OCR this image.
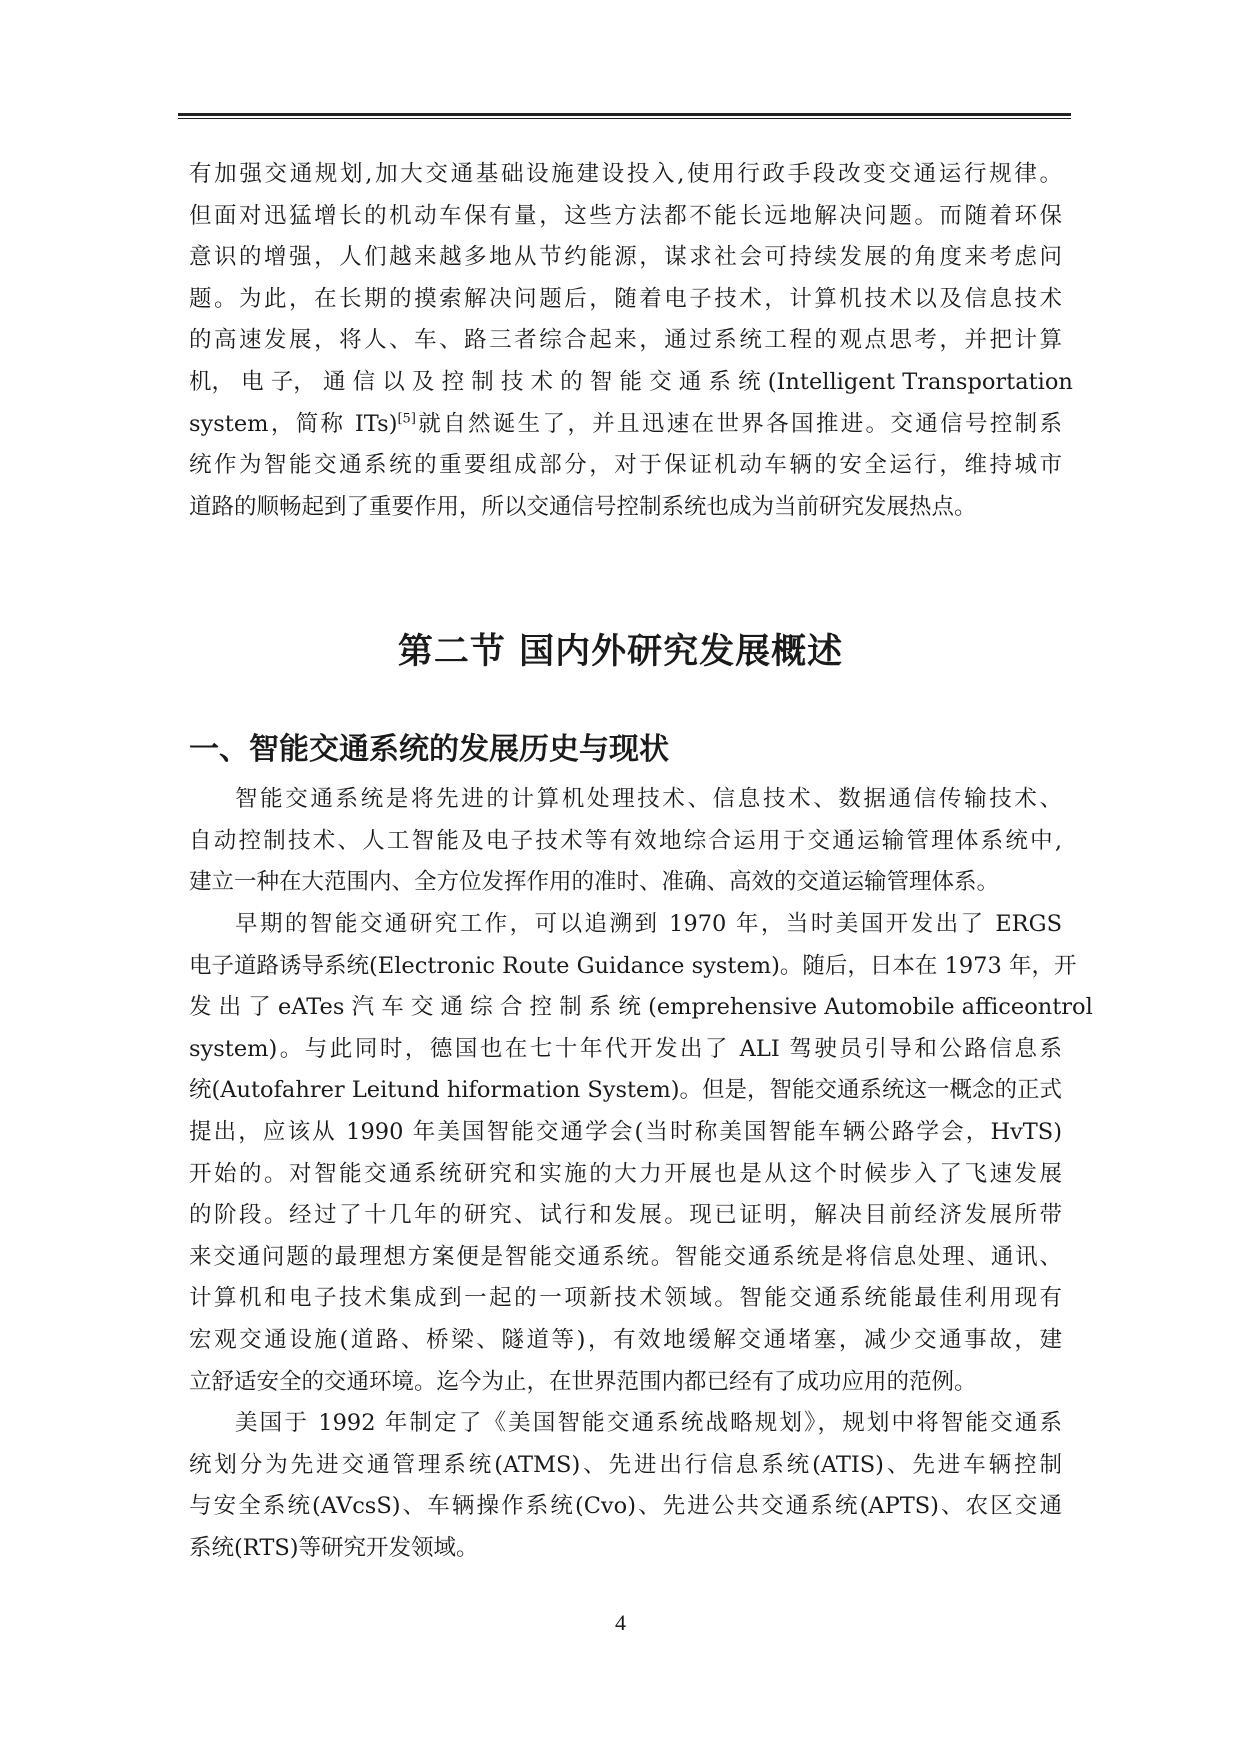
有加强交通规划,加大交通基础设施建设投入,使用行政手段改变交通运行规律。
但面对迅猛增长的机动车保有量，这些方法都不能长远地解决问题。而随着环保
意识的增强，人们越来越多地从节约能源，谋求社会可持续发展的角度来考虑问
题。为此，在长期的摸索解决问题后，随着电子技术，计算机技术以及信息技术
的高速发展，将人、车、路三者综合起来，通过系统工程的观点思考，并把计算
机， 电 子， 通 信 以 及 控 制 技 术 的 智 能 交 通 系 统 (Intelligent Transportation
system，简称 ITs)[5]就自然诞生了，并且迅速在世界各国推进。交通信号控制系
统作为智能交通系统的重要组成部分，对于保证机动车辆的安全运行，维持城市
道路的顺畅起到了重要作用，所以交通信号控制系统也成为当前研究发展热点。
第二节 国内外研究发展概述
一、智能交通系统的发展历史与现状
智能交通系统是将先进的计算机处理技术、信息技术、数据通信传输技术、
自动控制技术、人工智能及电子技术等有效地综合运用于交通运输管理体系统中,
建立一种在大范围内、全方位发挥作用的准时、准确、高效的交道运输管理体系。
早期的智能交通研究工作，可以追溯到 1970 年，当时美国开发出了 ERGS
电子道路诱导系统(Electronic Route Guidance system)。随后，日本在 1973 年，开
发 出 了 eATes 汽 车 交 通 综 合 控 制 系 统 (emprehensive Automobile afficeontrol
system)。与此同时，德国也在七十年代开发出了 ALI 驾驶员引导和公路信息系
统(Autofahrer Leitund hiformation System)。但是，智能交通系统这一概念的正式
提出，应该从 1990 年美国智能交通学会(当时称美国智能车辆公路学会，HvTS)
开始的。对智能交通系统研究和实施的大力开展也是从这个时候步入了飞速发展
的阶段。经过了十几年的研究、试行和发展。现已证明，解决目前经济发展所带
来交通问题的最理想方案便是智能交通系统。智能交通系统是将信息处理、通讯、
计算机和电子技术集成到一起的一项新技术领域。智能交通系统能最佳利用现有
宏观交通设施(道路、桥梁、隧道等)，有效地缓解交通堵塞，减少交通事故，建
立舒适安全的交通环境。迄今为止，在世界范围内都已经有了成功应用的范例。
美国于 1992 年制定了《美国智能交通系统战略规划》，规划中将智能交通系
统划分为先进交通管理系统(ATMS)、先进出行信息系统(ATIS)、先进车辆控制
与安全系统(AVcsS)、车辆操作系统(Cvo)、先进公共交通系统(APTS)、农区交通
系统(RTS)等研究开发领域。
4
